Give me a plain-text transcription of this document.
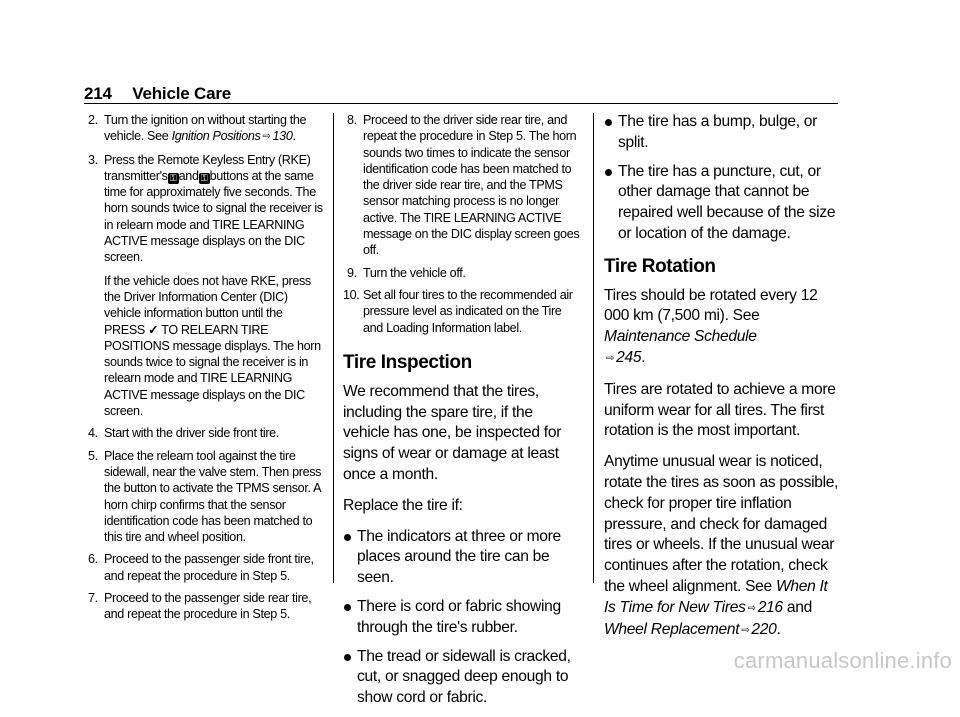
214 Vehicle Care
2. Turn the ignition on without starting the vehicle. See Ignition Positions ⇨ 130.

3. Press the Remote Keyless Entry (RKE) transmitter's ⚿ and ⚿ buttons at the same time for approximately five seconds. The horn sounds twice to signal the receiver is in relearn mode and TIRE LEARNING ACTIVE message displays on the DIC screen.

If the vehicle does not have RKE, press the Driver Information Center (DIC) vehicle information button until the PRESS ✓ TO RELEARN TIRE POSITIONS message displays. The horn sounds twice to signal the receiver is in relearn mode and TIRE LEARNING ACTIVE message displays on the DIC screen.

4. Start with the driver side front tire.

5. Place the relearn tool against the tire sidewall, near the valve stem. Then press the button to activate the TPMS sensor. A horn chirp confirms that the sensor identification code has been matched to this tire and wheel position.

6. Proceed to the passenger side front tire, and repeat the procedure in Step 5.

7. Proceed to the passenger side rear tire, and repeat the procedure in Step 5.

8. Proceed to the driver side rear tire, and repeat the procedure in Step 5. The horn sounds two times to indicate the sensor identification code has been matched to the driver side rear tire, and the TPMS sensor matching process is no longer active. The TIRE LEARNING ACTIVE message on the DIC display screen goes off.

9. Turn the vehicle off.

10. Set all four tires to the recommended air pressure level as indicated on the Tire and Loading Information label.

Tire Inspection

We recommend that the tires, including the spare tire, if the vehicle has one, be inspected for signs of wear or damage at least once a month.

Replace the tire if:

The indicators at three or more places around the tire can be seen.
There is cord or fabric showing through the tire's rubber.
The tread or sidewall is cracked, cut, or snagged deep enough to show cord or fabric.
The tire has a bump, bulge, or split.
The tire has a puncture, cut, or other damage that cannot be repaired well because of the size or location of the damage.
Tire Rotation

Tires should be rotated every 12 000 km (7,500 mi). See Maintenance Schedule
⇨ 245.

Tires are rotated to achieve a more uniform wear for all tires. The first rotation is the most important.

Anytime unusual wear is noticed, rotate the tires as soon as possible, check for proper tire inflation pressure, and check for damaged tires or wheels. If the unusual wear continues after the rotation, check the wheel alignment. See When It Is Time for New Tires ⇨ 216 and Wheel Replacement ⇨ 220.

carmanualsonline.info
